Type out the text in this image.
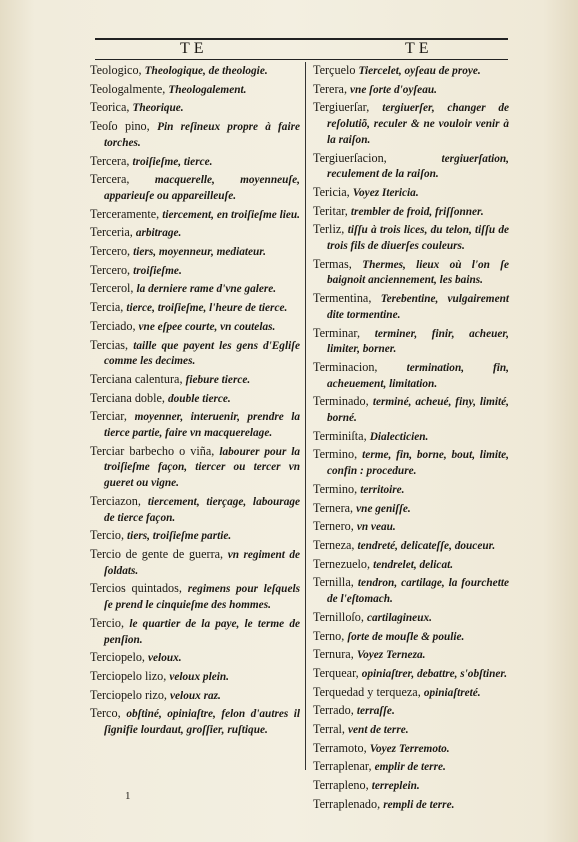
TE	TE
Teologico, Theologique, de theologie.
Teologalmente, Theologalement.
Teorica, Theorique.
Teoſo pino, Pin reſineux propre à faire torches.
Tercera, troiſieſme, tierce.
Tercera, macquerelle, moyenneuſe, apparieuſe ou appareilleuſe.
Terceramente, tiercement, en troiſieſme lieu.
Terceria, arbitrage.
Tercero, tiers, moyenneur, mediateur.
Tercero, troiſieſme.
Tercerol, la derniere rame d'vne galere.
Tercia, tierce, troiſieſme, l'heure de tierce.
Terciado, vne eſpee courte, vn coutelas.
Tercias, taille que payent les gens d'Egliſe comme les decimes.
Terciana calentura, fiebure tierce.
Terciana doble, double tierce.
Terciar, moyenner, interuenir, prendre la tierce partie, faire vn macquerelage.
Terciar barbecho o viña, labourer pour la troiſieſme façon, tiercer ou tercer vn gueret ou vigne.
Terciazon, tiercement, tierçage, labourage de tierce façon.
Tercio, tiers, troiſieſme partie.
Tercio de gente de guerra, vn regiment de ſoldats.
Tercios quintados, regimens pour leſquels ſe prend le cinquieſme des hommes.
Tercio, le quartier de la paye, le terme de penſion.
Terciopelo, veloux.
Terciopelo lizo, veloux plein.
Terciopelo rizo, veloux raz.
Terco, obſtiné, opiniaſtre, felon d'autres il ſignifie lourdaut, groſſier, ruſtique.
Terçuelo Tiercelet, oyſeau de proye.
Terera, vne ſorte d'oyſeau.
Tergiuerſar, tergiuerſer, changer de reſolutiõ, reculer & ne vouloir venir à la raiſon.
Tergiuerſacion,	tergiuerſation, reculement de la raiſon.
Tericia, Voyez Itericia.
Teritar, trembler de froid, friſſonner.
Terliz, tiſſu à trois lices, du telon, tiſſu de trois fils de diuerſes couleurs.
Termas, Thermes, lieux où l'on ſe baignoit anciennement, les bains.
Termentina, Terebentine, vulgairement dite tormentine.
Terminar, terminer, finir, acheuer, limiter, borner.
Terminacion,	termination, fin, acheuement, limitation.
Terminado, terminé, acheué, finy, limité, borné.
Terminiſta, Dialecticien.
Termino, terme, fin, borne, bout, limite, confin : procedure.
Termino, territoire.
Ternera, vne geniſſe.
Ternero, vn veau.
Terneza, tendreté, delicateſſe, douceur.
Ternezuelo, tendrelet, delicat.
Ternilla, tendron, cartilage, la fourchette de l'eſtomach.
Ternilloſo, cartilagineux.
Terno, ſorte de mouſle & poulie.
Ternura, Voyez Terneza.
Terquear, opiniaſtrer, debattre, s'obſtiner.
Terquedad y terqueza, opiniaſtreté.
Terrado, terraſſe.
Terral, vent de terre.
Terramoto, Voyez Terremoto.
Terraplenar, emplir de terre.
Terrapleno, terreplein.
Terraplenado, rempli de terre.
1
